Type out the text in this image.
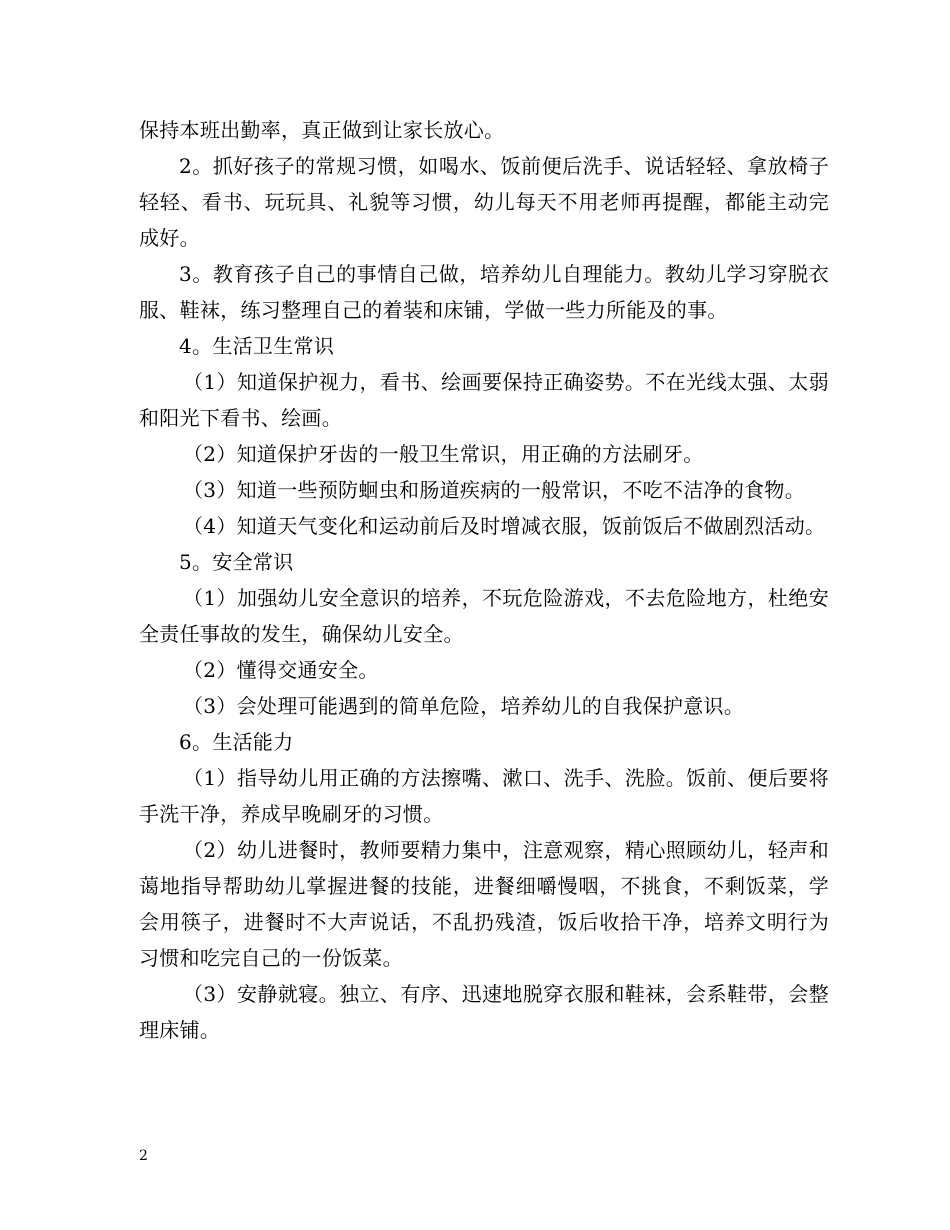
保持本班出勤率，真正做到让家长放心。

2。抓好孩子的常规习惯，如喝水、饭前便后洗手、说话轻轻、拿放椅子轻轻、看书、玩玩具、礼貌等习惯，幼儿每天不用老师再提醒，都能主动完成好。

3。教育孩子自己的事情自己做，培养幼儿自理能力。教幼儿学习穿脱衣服、鞋袜，练习整理自己的着装和床铺，学做一些力所能及的事。

4。生活卫生常识

（1）知道保护视力，看书、绘画要保持正确姿势。不在光线太强、太弱和阳光下看书、绘画。

（2）知道保护牙齿的一般卫生常识，用正确的方法刷牙。

（3）知道一些预防蛔虫和肠道疾病的一般常识，不吃不洁净的食物。

（4）知道天气变化和运动前后及时增减衣服，饭前饭后不做剧烈活动。

5。安全常识

（1）加强幼儿安全意识的培养，不玩危险游戏，不去危险地方，杜绝安全责任事故的发生，确保幼儿安全。

（2）懂得交通安全。

（3）会处理可能遇到的简单危险，培养幼儿的自我保护意识。

6。生活能力

（1）指导幼儿用正确的方法擦嘴、漱口、洗手、洗脸。饭前、便后要将手洗干净，养成早晚刷牙的习惯。

（2）幼儿进餐时，教师要精力集中，注意观察，精心照顾幼儿，轻声和蔼地指导帮助幼儿掌握进餐的技能，进餐细嚼慢咽，不挑食，不剩饭菜，学会用筷子，进餐时不大声说话，不乱扔残渣，饭后收拾干净，培养文明行为习惯和吃完自己的一份饭菜。

（3）安静就寝。独立、有序、迅速地脱穿衣服和鞋袜，会系鞋带，会整理床铺。

2
